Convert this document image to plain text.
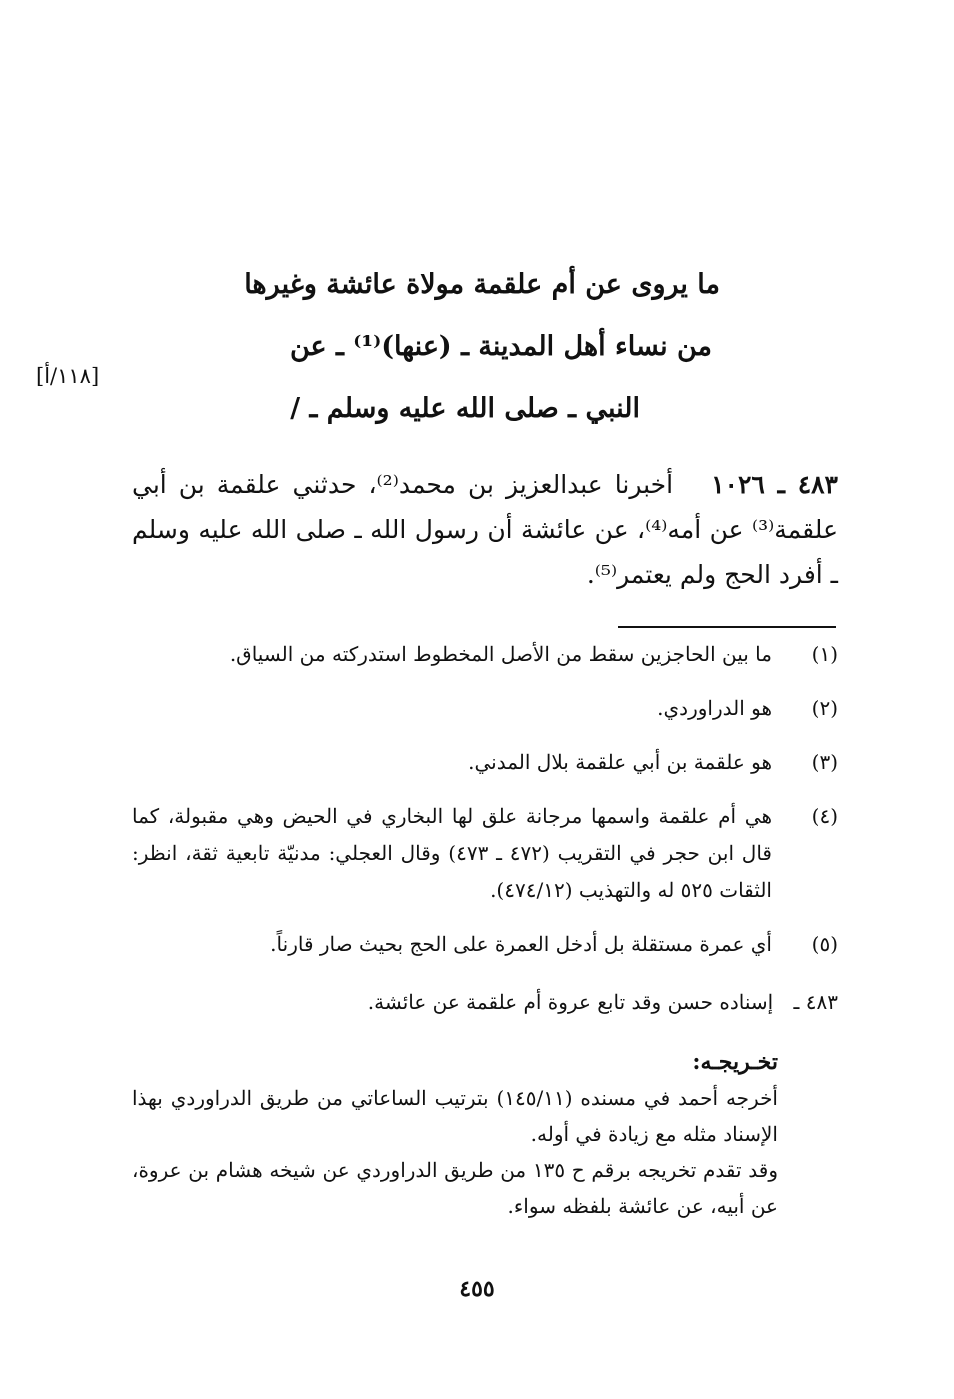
ما يروى عن أم علقمة مولاة عائشة وغيرها
من نساء أهل المدينة ـ (عنها)⁽¹⁾ ـ عن
النبي ـ صلى الله عليه وسلم ـ /
[١١٨/أ]
٤٨٣ ـ ١٠٢٦ أخبرنا عبدالعزيز بن محمد⁽²⁾، حدثني علقمة بن أبي علقمة⁽³⁾ عن أمه⁽⁴⁾، عن عائشة أن رسول الله ـ صلى الله عليه وسلم ـ أفرد الحج ولم يعتمر⁽⁵⁾.
(١)
ما بين الحاجزين سقط من الأصل المخطوط استدركته من السياق.
(٢)
هو الدراوردي.
(٣)
هو علقمة بن أبي علقمة بلال المدني.
(٤)
هي أم علقمة واسمها مرجانة علق لها البخاري في الحيض وهي مقبولة، كما قال ابن حجر في التقريب (٤٧٢ ـ ٤٧٣) وقال العجلي: مدنيّة تابعية ثقة، انظر: الثقات ٥٢٥ له والتهذيب (٤٧٤/١٢).
(٥)
أي عمرة مستقلة بل أدخل العمرة على الحج بحيث صار قارناً.
٤٨٣ ـ إسناده حسن وقد تابع عروة أم علقمة عن عائشة.
تخـريجـه:

أخرجه أحمد في مسنده (١٤٥/١١) بترتيب الساعاتي من طريق الدراوردي بهذا الإسناد مثله مع زيادة في أوله.

وقد تقدم تخريجه برقم ح ١٣٥ من طريق الدراوردي عن شيخه هشام بن عروة، عن أبيه، عن عائشة بلفظه سواء.

٤٥٥
